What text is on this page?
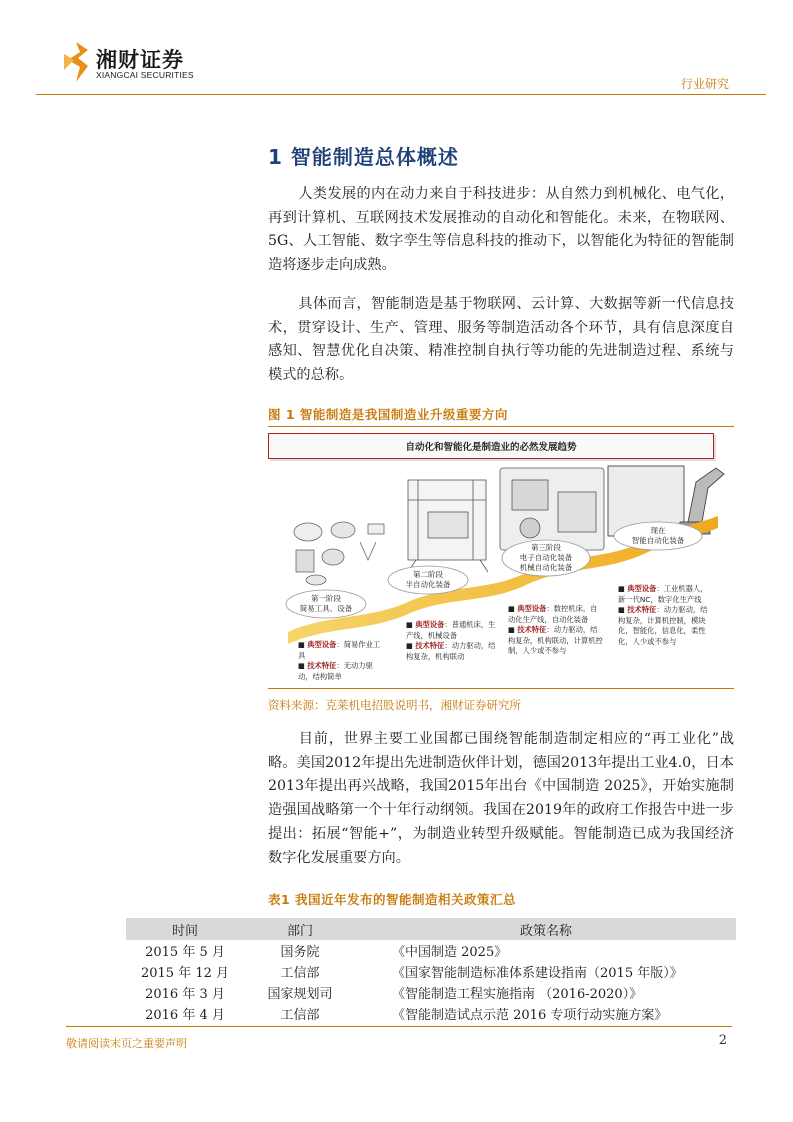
湘财证券
XIANGCAI SECURITIES
行业研究
1 智能制造总体概述

人类发展的内在动力来自于科技进步：从自然力到机械化、电气化，再到计算机、互联网技术发展推动的自动化和智能化。未来，在物联网、5G、人工智能、数字孪生等信息科技的推动下，以智能化为特征的智能制造将逐步走向成熟。

具体而言，智能制造是基于物联网、云计算、大数据等新一代信息技术，贯穿设计、生产、管理、服务等制造活动各个环节，具有信息深度自感知、智慧优化自决策、精准控制自执行等功能的先进制造过程、系统与模式的总称。

图 1 智能制造是我国制造业升级重要方向
自动化和智能化是制造业的必然发展趋势
第一阶段
简易工具、设备
第二阶段
半自动化装备
第三阶段
电子自动化装备
机械自动化装备
现在
智能自动化装备
■ 典型设备：简易作业工具
■ 技术特征：无动力驱动，结构简单
■ 典型设备：普通机床，生产线，机械设备
■ 技术特征：动力驱动，结构复杂，机构联动
■ 典型设备：数控机床，自动化生产线，自动化装备
■ 技术特征：动力驱动，结构复杂，机构联动，计算机控制，人少或不参与
■ 典型设备：工业机器人，新一代NC，数字化生产线
■ 技术特征：动力驱动，结构复杂，计算机控制，模块化，智能化，信息化，柔性化，人少或不参与
资料来源：克莱机电招股说明书，湘财证券研究所

目前，世界主要工业国都已围绕智能制造制定相应的“再工业化”战略。美国2012年提出先进制造伙伴计划，德国2013年提出工业4.0，日本2013年提出再兴战略，我国2015年出台《中国制造 2025》，开始实施制造强国战略第一个十年行动纲领。我国在2019年的政府工作报告中进一步提出：拓展“智能+”，为制造业转型升级赋能。智能制造已成为我国经济数字化发展重要方向。

表1 我国近年发布的智能制造相关政策汇总
时间	部门	政策名称
2015 年 5 月	国务院	《中国制造 2025》
2015 年 12 月	工信部	《国家智能制造标准体系建设指南（2015 年版）》
2016 年 3 月	国家规划司	《智能制造工程实施指南 （2016-2020）》
2016 年 4 月	工信部	《智能制造试点示范 2016 专项行动实施方案》
敬请阅读末页之重要声明	2
